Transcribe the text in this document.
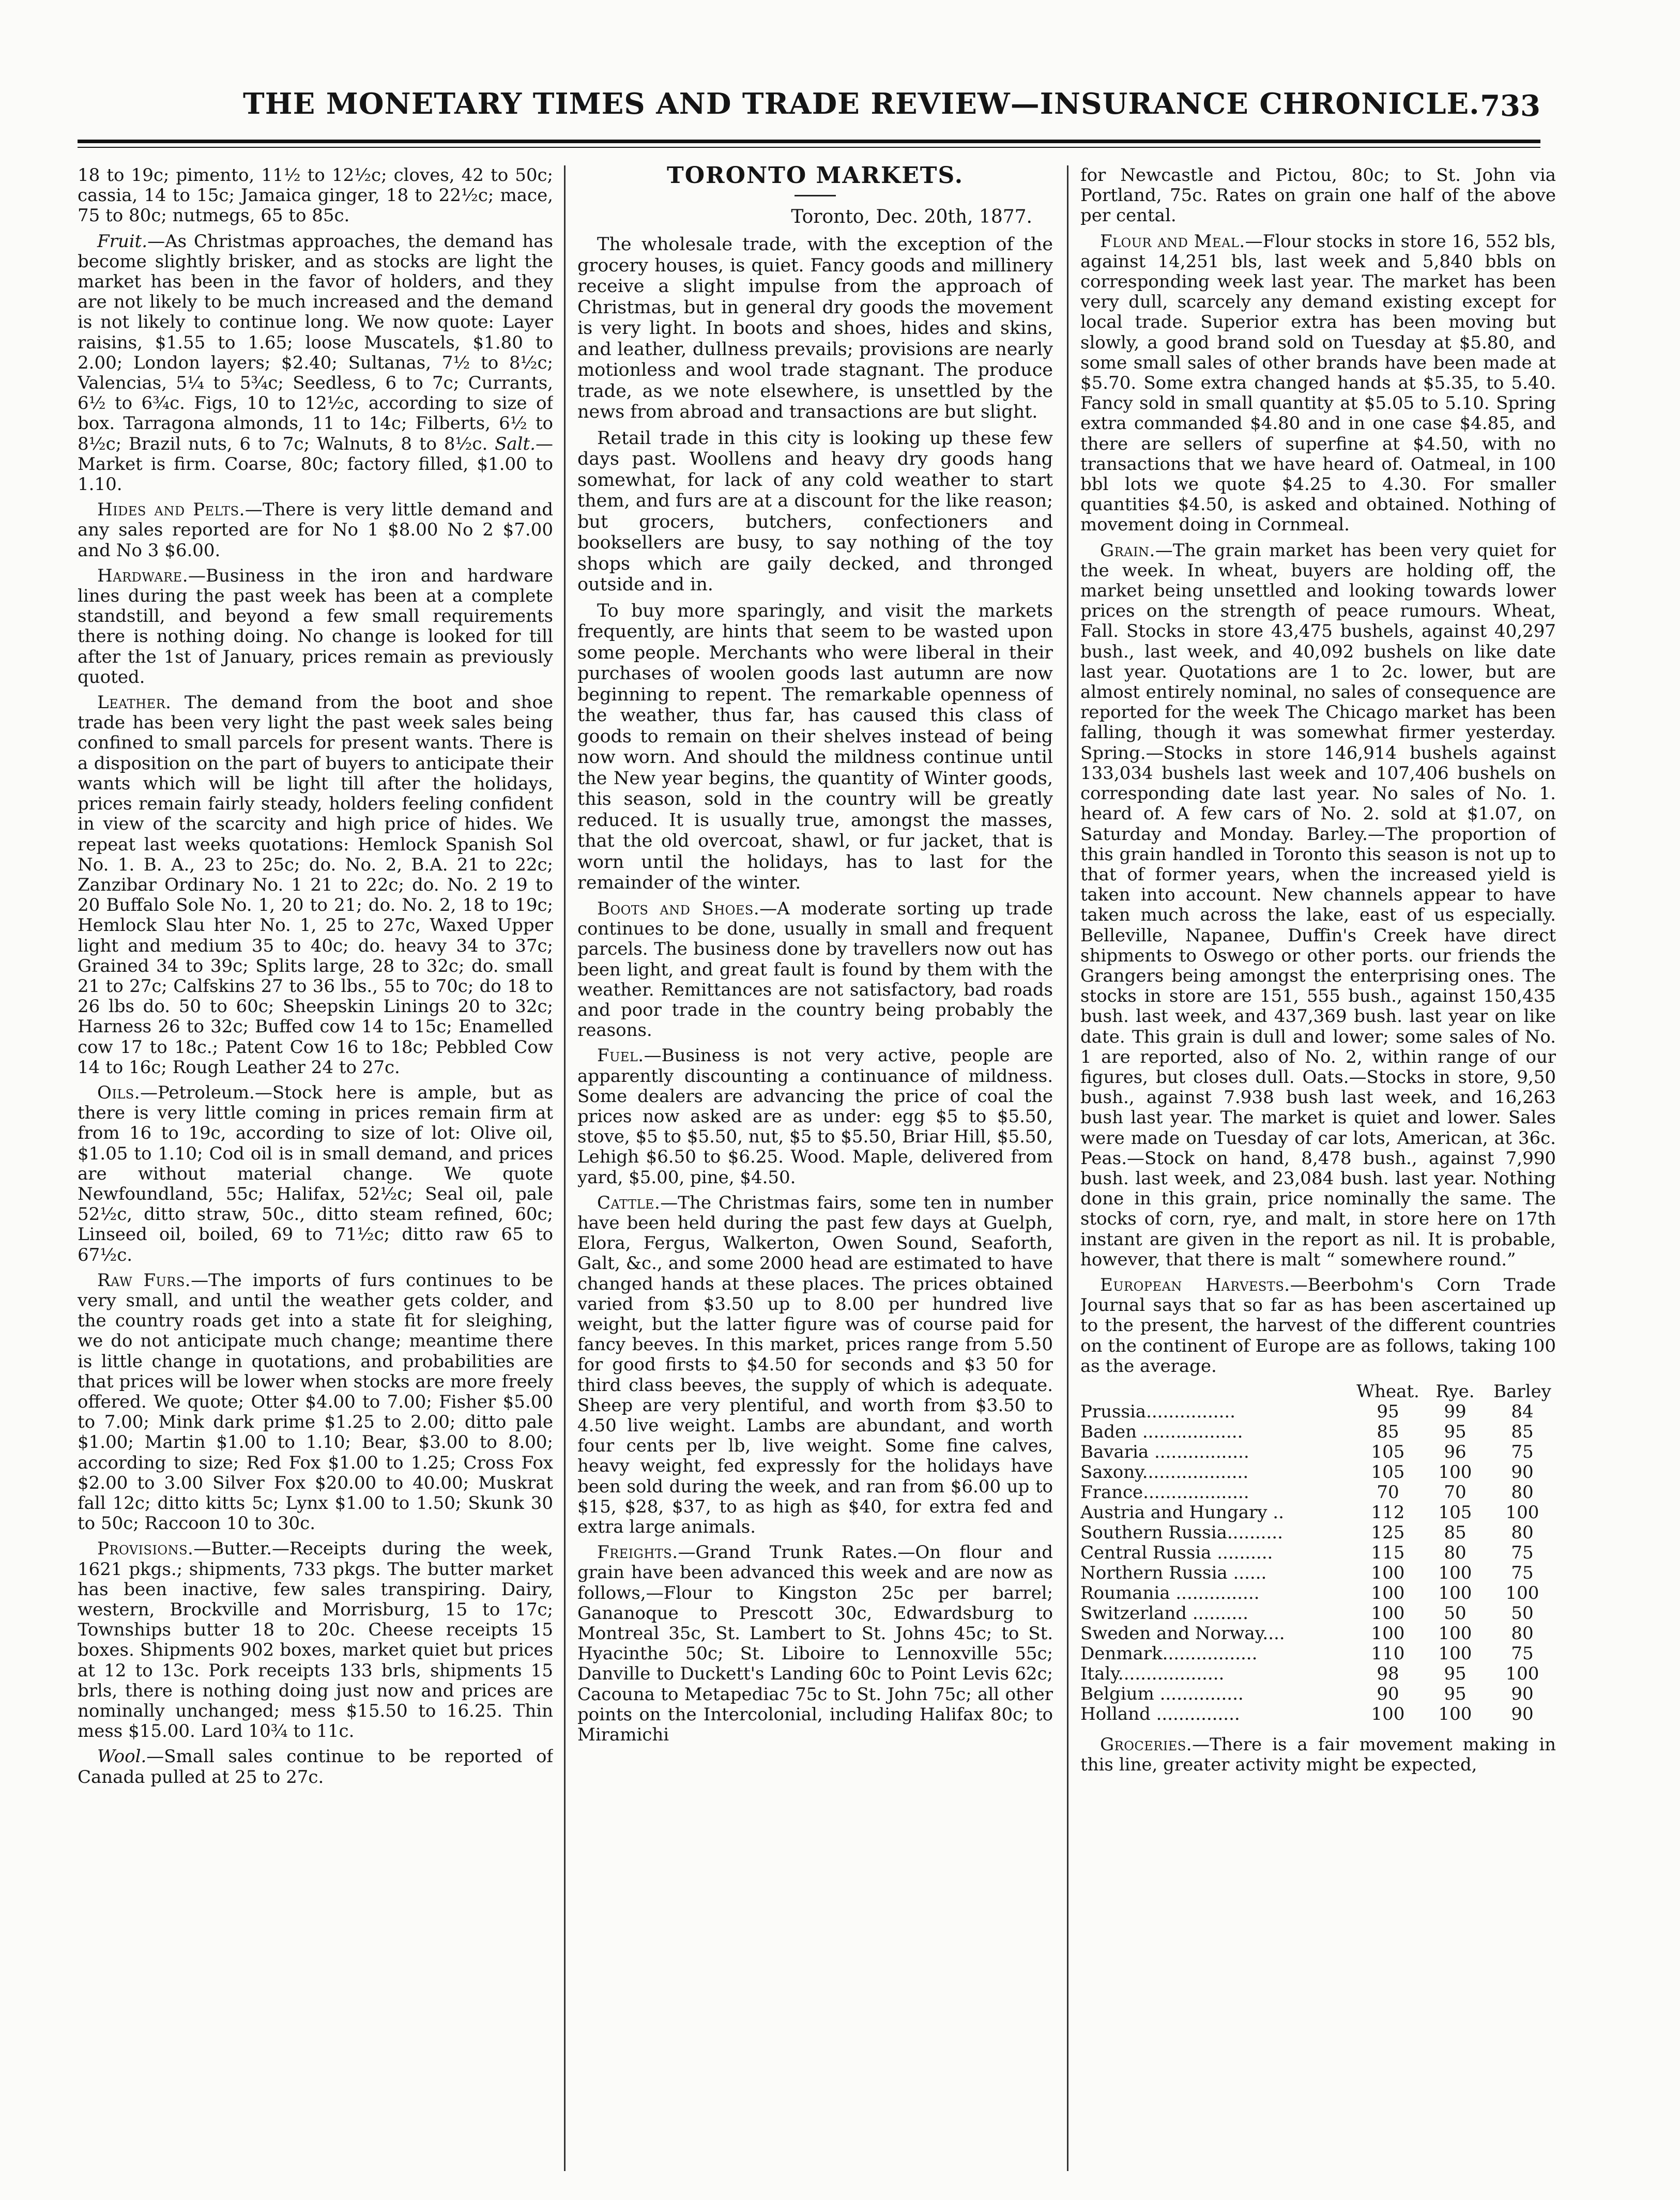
THE MONETARY TIMES AND TRADE REVIEW—INSURANCE CHRONICLE. 733

18 to 19c; pimento, 11½ to 12½c; cloves, 42 to 50c; cassia, 14 to 15c; Jamaica ginger, 18 to 22½c; mace, 75 to 80c; nutmegs, 65 to 85c.

Fruit.—As Christmas approaches, the demand has become slightly brisker, and as stocks are light the market has been in the favor of holders, and they are not likely to be much increased and the demand is not likely to continue long. We now quote: Layer raisins, $1.55 to 1.65; loose Muscatels, $1.80 to 2.00; London layers; $2.40; Sultanas, 7½ to 8½c; Valencias, 5¼ to 5¾c; Seedless, 6 to 7c; Currants, 6½ to 6¾c. Figs, 10 to 12½c, according to size of box. Tarragona almonds, 11 to 14c; Filberts, 6½ to 8½c; Brazil nuts, 6 to 7c; Walnuts, 8 to 8½c. Salt.—Market is firm. Coarse, 80c; factory filled, $1.00 to 1.10.

Hides and Pelts.—There is very little demand and any sales reported are for No 1 $8.00 No 2 $7.00 and No 3 $6.00.

Hardware.—Business in the iron and hardware lines during the past week has been at a complete standstill, and beyond a few small requirements there is nothing doing. No change is looked for till after the 1st of January, prices remain as previously quoted.

Leather. The demand from the boot and shoe trade has been very light the past week sales being confined to small parcels for present wants. There is a disposition on the part of buyers to anticipate their wants which will be light till after the holidays, prices remain fairly steady, holders feeling confident in view of the scarcity and high price of hides. We repeat last weeks quotations: Hemlock Spanish Sol No. 1. B. A., 23 to 25c; do. No. 2, B.A. 21 to 22c; Zanzibar Ordinary No. 1 21 to 22c; do. No. 2 19 to 20 Buffalo Sole No. 1, 20 to 21; do. No. 2, 18 to 19c; Hemlock Slau hter No. 1, 25 to 27c, Waxed Upper light and medium 35 to 40c; do. heavy 34 to 37c; Grained 34 to 39c; Splits large, 28 to 32c; do. small 21 to 27c; Calfskins 27 to 36 lbs., 55 to 70c; do 18 to 26 lbs do. 50 to 60c; Sheepskin Linings 20 to 32c; Harness 26 to 32c; Buffed cow 14 to 15c; Enamelled cow 17 to 18c.; Patent Cow 16 to 18c; Pebbled Cow 14 to 16c; Rough Leather 24 to 27c.

Oils.—Petroleum.—Stock here is ample, but as there is very little coming in prices remain firm at from 16 to 19c, according to size of lot: Olive oil, $1.05 to 1.10; Cod oil is in small demand, and prices are without material change. We quote Newfoundland, 55c; Halifax, 52½c; Seal oil, pale 52½c, ditto straw, 50c., ditto steam refined, 60c; Linseed oil, boiled, 69 to 71½c; ditto raw 65 to 67½c.

Raw Furs.—The imports of furs continues to be very small, and until the weather gets colder, and the country roads get into a state fit for sleighing, we do not anticipate much change; meantime there is little change in quotations, and probabilities are that prices will be lower when stocks are more freely offered. We quote; Otter $4.00 to 7.00; Fisher $5.00 to 7.00; Mink dark prime $1.25 to 2.00; ditto pale $1.00; Martin $1.00 to 1.10; Bear, $3.00 to 8.00; according to size; Red Fox $1.00 to 1.25; Cross Fox $2.00 to 3.00 Silver Fox $20.00 to 40.00; Muskrat fall 12c; ditto kitts 5c; Lynx $1.00 to 1.50; Skunk 30 to 50c; Raccoon 10 to 30c.

Provisions.—Butter.—Receipts during the week, 1621 pkgs.; shipments, 733 pkgs. The butter market has been inactive, few sales transpiring. Dairy, western, Brockville and Morrisburg, 15 to 17c; Townships butter 18 to 20c. Cheese receipts 15 boxes. Shipments 902 boxes, market quiet but prices at 12 to 13c. Pork receipts 133 brls, shipments 15 brls, there is nothing doing just now and prices are nominally unchanged; mess $15.50 to 16.25. Thin mess $15.00. Lard 10¾ to 11c.

Wool.—Small sales continue to be reported of Canada pulled at 25 to 27c.

TORONTO MARKETS.

Toronto, Dec. 20th, 1877.

The wholesale trade, with the exception of the grocery houses, is quiet. Fancy goods and millinery receive a slight impulse from the approach of Christmas, but in general dry goods the movement is very light. In boots and shoes, hides and skins, and leather, dullness prevails; provisions are nearly motionless and wool trade stagnant. The produce trade, as we note elsewhere, is unsettled by the news from abroad and transactions are but slight.

Retail trade in this city is looking up these few days past. Woollens and heavy dry goods hang somewhat, for lack of any cold weather to start them, and furs are at a discount for the like reason; but grocers, butchers, confectioners and booksellers are busy, to say nothing of the toy shops which are gaily decked, and thronged outside and in.

To buy more sparingly, and visit the markets frequently, are hints that seem to be wasted upon some people. Merchants who were liberal in their purchases of woolen goods last autumn are now beginning to repent. The remarkable openness of the weather, thus far, has caused this class of goods to remain on their shelves instead of being now worn. And should the mildness continue until the New year begins, the quantity of Winter goods, this season, sold in the country will be greatly reduced. It is usually true, amongst the masses, that the old overcoat, shawl, or fur jacket, that is worn until the holidays, has to last for the remainder of the winter.

Boots and Shoes.—A moderate sorting up trade continues to be done, usually in small and frequent parcels. The business done by travellers now out has been light, and great fault is found by them with the weather. Remittances are not satisfactory, bad roads and poor trade in the country being probably the reasons.

Fuel.—Business is not very active, people are apparently discounting a continuance of mildness. Some dealers are advancing the price of coal the prices now asked are as under: egg $5 to $5.50, stove, $5 to $5.50, nut, $5 to $5.50, Briar Hill, $5.50, Lehigh $6.50 to $6.25. Wood. Maple, delivered from yard, $5.00, pine, $4.50.

Cattle.—The Christmas fairs, some ten in number have been held during the past few days at Guelph, Elora, Fergus, Walkerton, Owen Sound, Seaforth, Galt, &c., and some 2000 head are estimated to have changed hands at these places. The prices obtained varied from $3.50 up to 8.00 per hundred live weight, but the latter figure was of course paid for fancy beeves. In this market, prices range from 5.50 for good firsts to $4.50 for seconds and $3 50 for third class beeves, the supply of which is adequate. Sheep are very plentiful, and worth from $3.50 to 4.50 live weight. Lambs are abundant, and worth four cents per lb, live weight. Some fine calves, heavy weight, fed expressly for the holidays have been sold during the week, and ran from $6.00 up to $15, $28, $37, to as high as $40, for extra fed and extra large animals.

Freights.—Grand Trunk Rates.—On flour and grain have been advanced this week and are now as follows,—Flour to Kingston 25c per barrel; Gananoque to Prescott 30c, Edwardsburg to Montreal 35c, St. Lambert to St. Johns 45c; to St. Hyacinthe 50c; St. Liboire to Lennoxville 55c; Danville to Duckett's Landing 60c to Point Levis 62c; Cacouna to Metapediac 75c to St. John 75c; all other points on the Intercolonial, including Halifax 80c; to Miramichi

for Newcastle and Pictou, 80c; to St. John via Portland, 75c. Rates on grain one half of the above per cental.

Flour and Meal.—Flour stocks in store 16, 552 bls, against 14,251 bls, last week and 5,840 bbls on corresponding week last year. The market has been very dull, scarcely any demand existing except for local trade. Superior extra has been moving but slowly, a good brand sold on Tuesday at $5.80, and some small sales of other brands have been made at $5.70. Some extra changed hands at $5.35, to 5.40. Fancy sold in small quantity at $5.05 to 5.10. Spring extra commanded $4.80 and in one case $4.85, and there are sellers of superfine at $4.50, with no transactions that we have heard of. Oatmeal, in 100 bbl lots we quote $4.25 to 4.30. For smaller quantities $4.50, is asked and obtained. Nothing of movement doing in Cornmeal.

Grain.—The grain market has been very quiet for the week. In wheat, buyers are holding off, the market being unsettled and looking towards lower prices on the strength of peace rumours. Wheat, Fall. Stocks in store 43,475 bushels, against 40,297 bush., last week, and 40,092 bushels on like date last year. Quotations are 1 to 2c. lower, but are almost entirely nominal, no sales of consequence are reported for the week The Chicago market has been falling, though it was somewhat firmer yesterday. Spring.—Stocks in store 146,914 bushels against 133,034 bushels last week and 107,406 bushels on corresponding date last year. No sales of No. 1. heard of. A few cars of No. 2. sold at $1.07, on Saturday and Monday. Barley.—The proportion of this grain handled in Toronto this season is not up to that of former years, when the increased yield is taken into account. New channels appear to have taken much across the lake, east of us especially. Belleville, Napanee, Duffin's Creek have direct shipments to Oswego or other ports. our friends the Grangers being amongst the enterprising ones. The stocks in store are 151, 555 bush., against 150,435 bush. last week, and 437,369 bush. last year on like date. This grain is dull and lower; some sales of No. 1 are reported, also of No. 2, within range of our figures, but closes dull. Oats.—Stocks in store, 9,50 bush., against 7.938 bush last week, and 16,263 bush last year. The market is quiet and lower. Sales were made on Tuesday of car lots, American, at 36c. Peas.—Stock on hand, 8,478 bush., against 7,990 bush. last week, and 23,084 bush. last year. Nothing done in this grain, price nominally the same. The stocks of corn, rye, and malt, in store here on 17th instant are given in the report as nil. It is probable, however, that there is malt “ somewhere round.”

European Harvests.—Beerbohm's Corn Trade Journal says that so far as has been ascertained up to the present, the harvest of the different countries on the continent of Europe are as follows, taking 100 as the average.

	Wheat.	Rye.	Barley
Prussia................	95	99	84
Baden ..................	85	95	85
Bavaria .................	105	96	75
Saxony...................	105	100	90
France...................	70	70	80
Austria and Hungary ..	112	105	100
Southern Russia..........	125	85	80
Central Russia ..........	115	80	75
Northern Russia ......	100	100	75
Roumania ...............	100	100	100
Switzerland ..........	100	50	50
Sweden and Norway....	100	100	80
Denmark.................	110	100	75
Italy...................	98	95	100
Belgium ...............	90	95	90
Holland ...............	100	100	90

Groceries.—There is a fair movement making in this line, greater activity might be expected,
